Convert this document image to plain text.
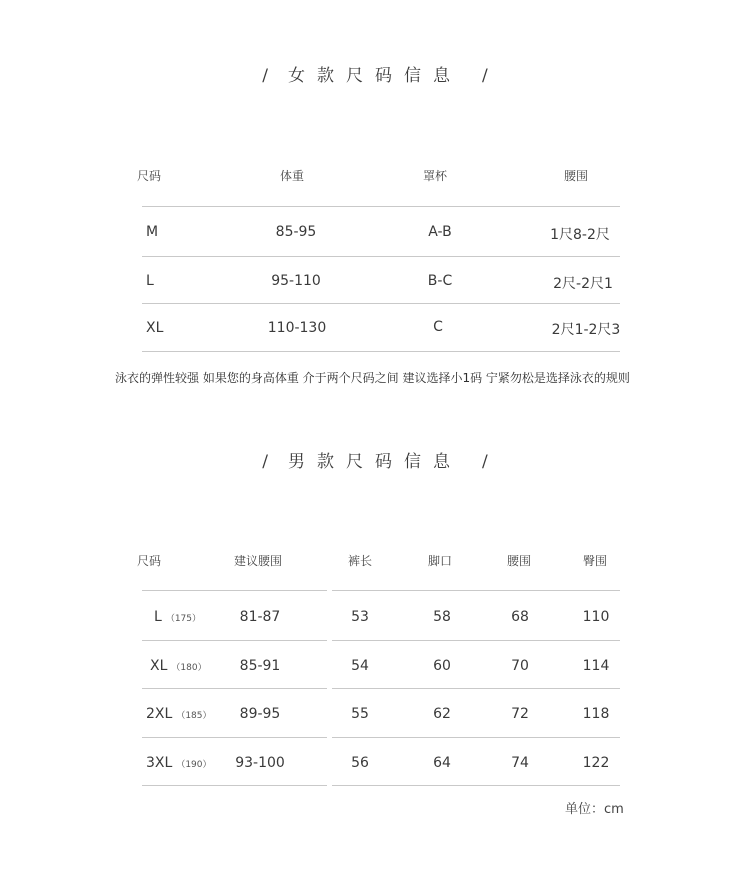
/ 女款尺码信息 /
尺码	体重	罩杯	腰围
M	85-95	A-B	1尺8-2尺
L	95-110	B-C	2尺-2尺1
XL	110-130	C	2尺1-2尺3
泳衣的弹性较强 如果您的身高体重 介于两个尺码之间 建议选择小1码 宁紧勿松是选择泳衣的规则
/ 男款尺码信息 /
尺码	建议腰围	裤长	脚口	腰围	臀围
L （175）	81-87	53	58	68	110
XL （180） 85-91	54	60	70	114
2XL （185） 89-95	55	62	72	118
3XL （190） 93-100	56	64	74	122
单位：cm
